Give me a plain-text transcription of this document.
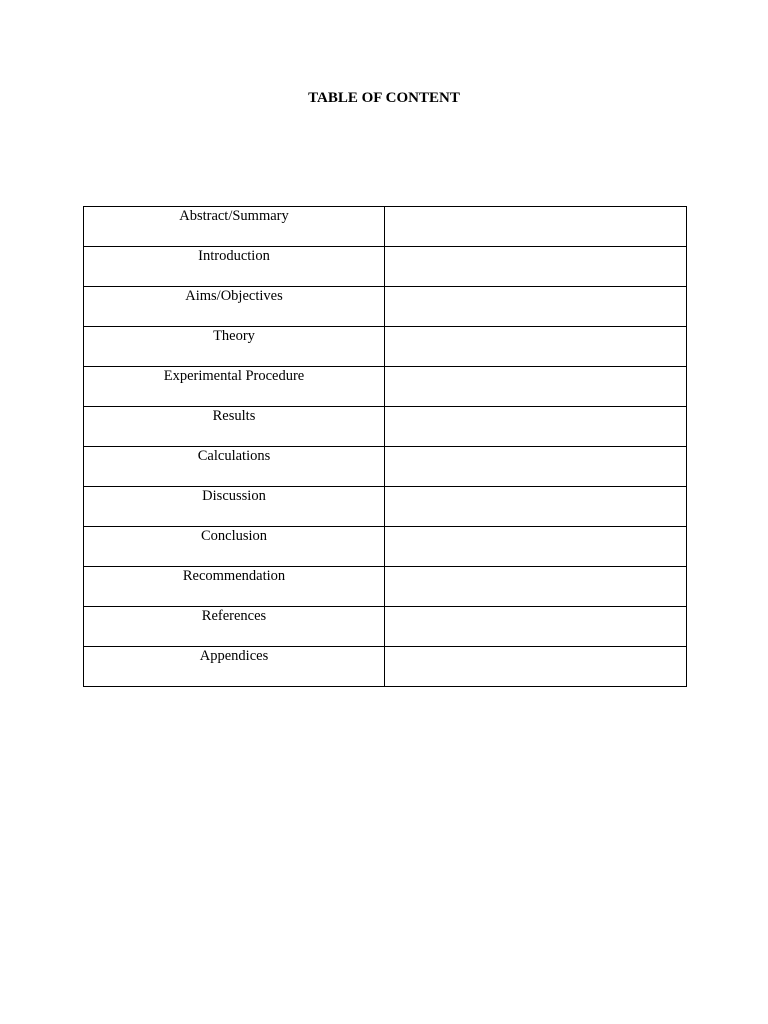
TABLE OF CONTENT
Abstract/Summary	
Introduction	
Aims/Objectives	
Theory	
Experimental Procedure	
Results	
Calculations	
Discussion	
Conclusion	
Recommendation	
References	
Appendices	
